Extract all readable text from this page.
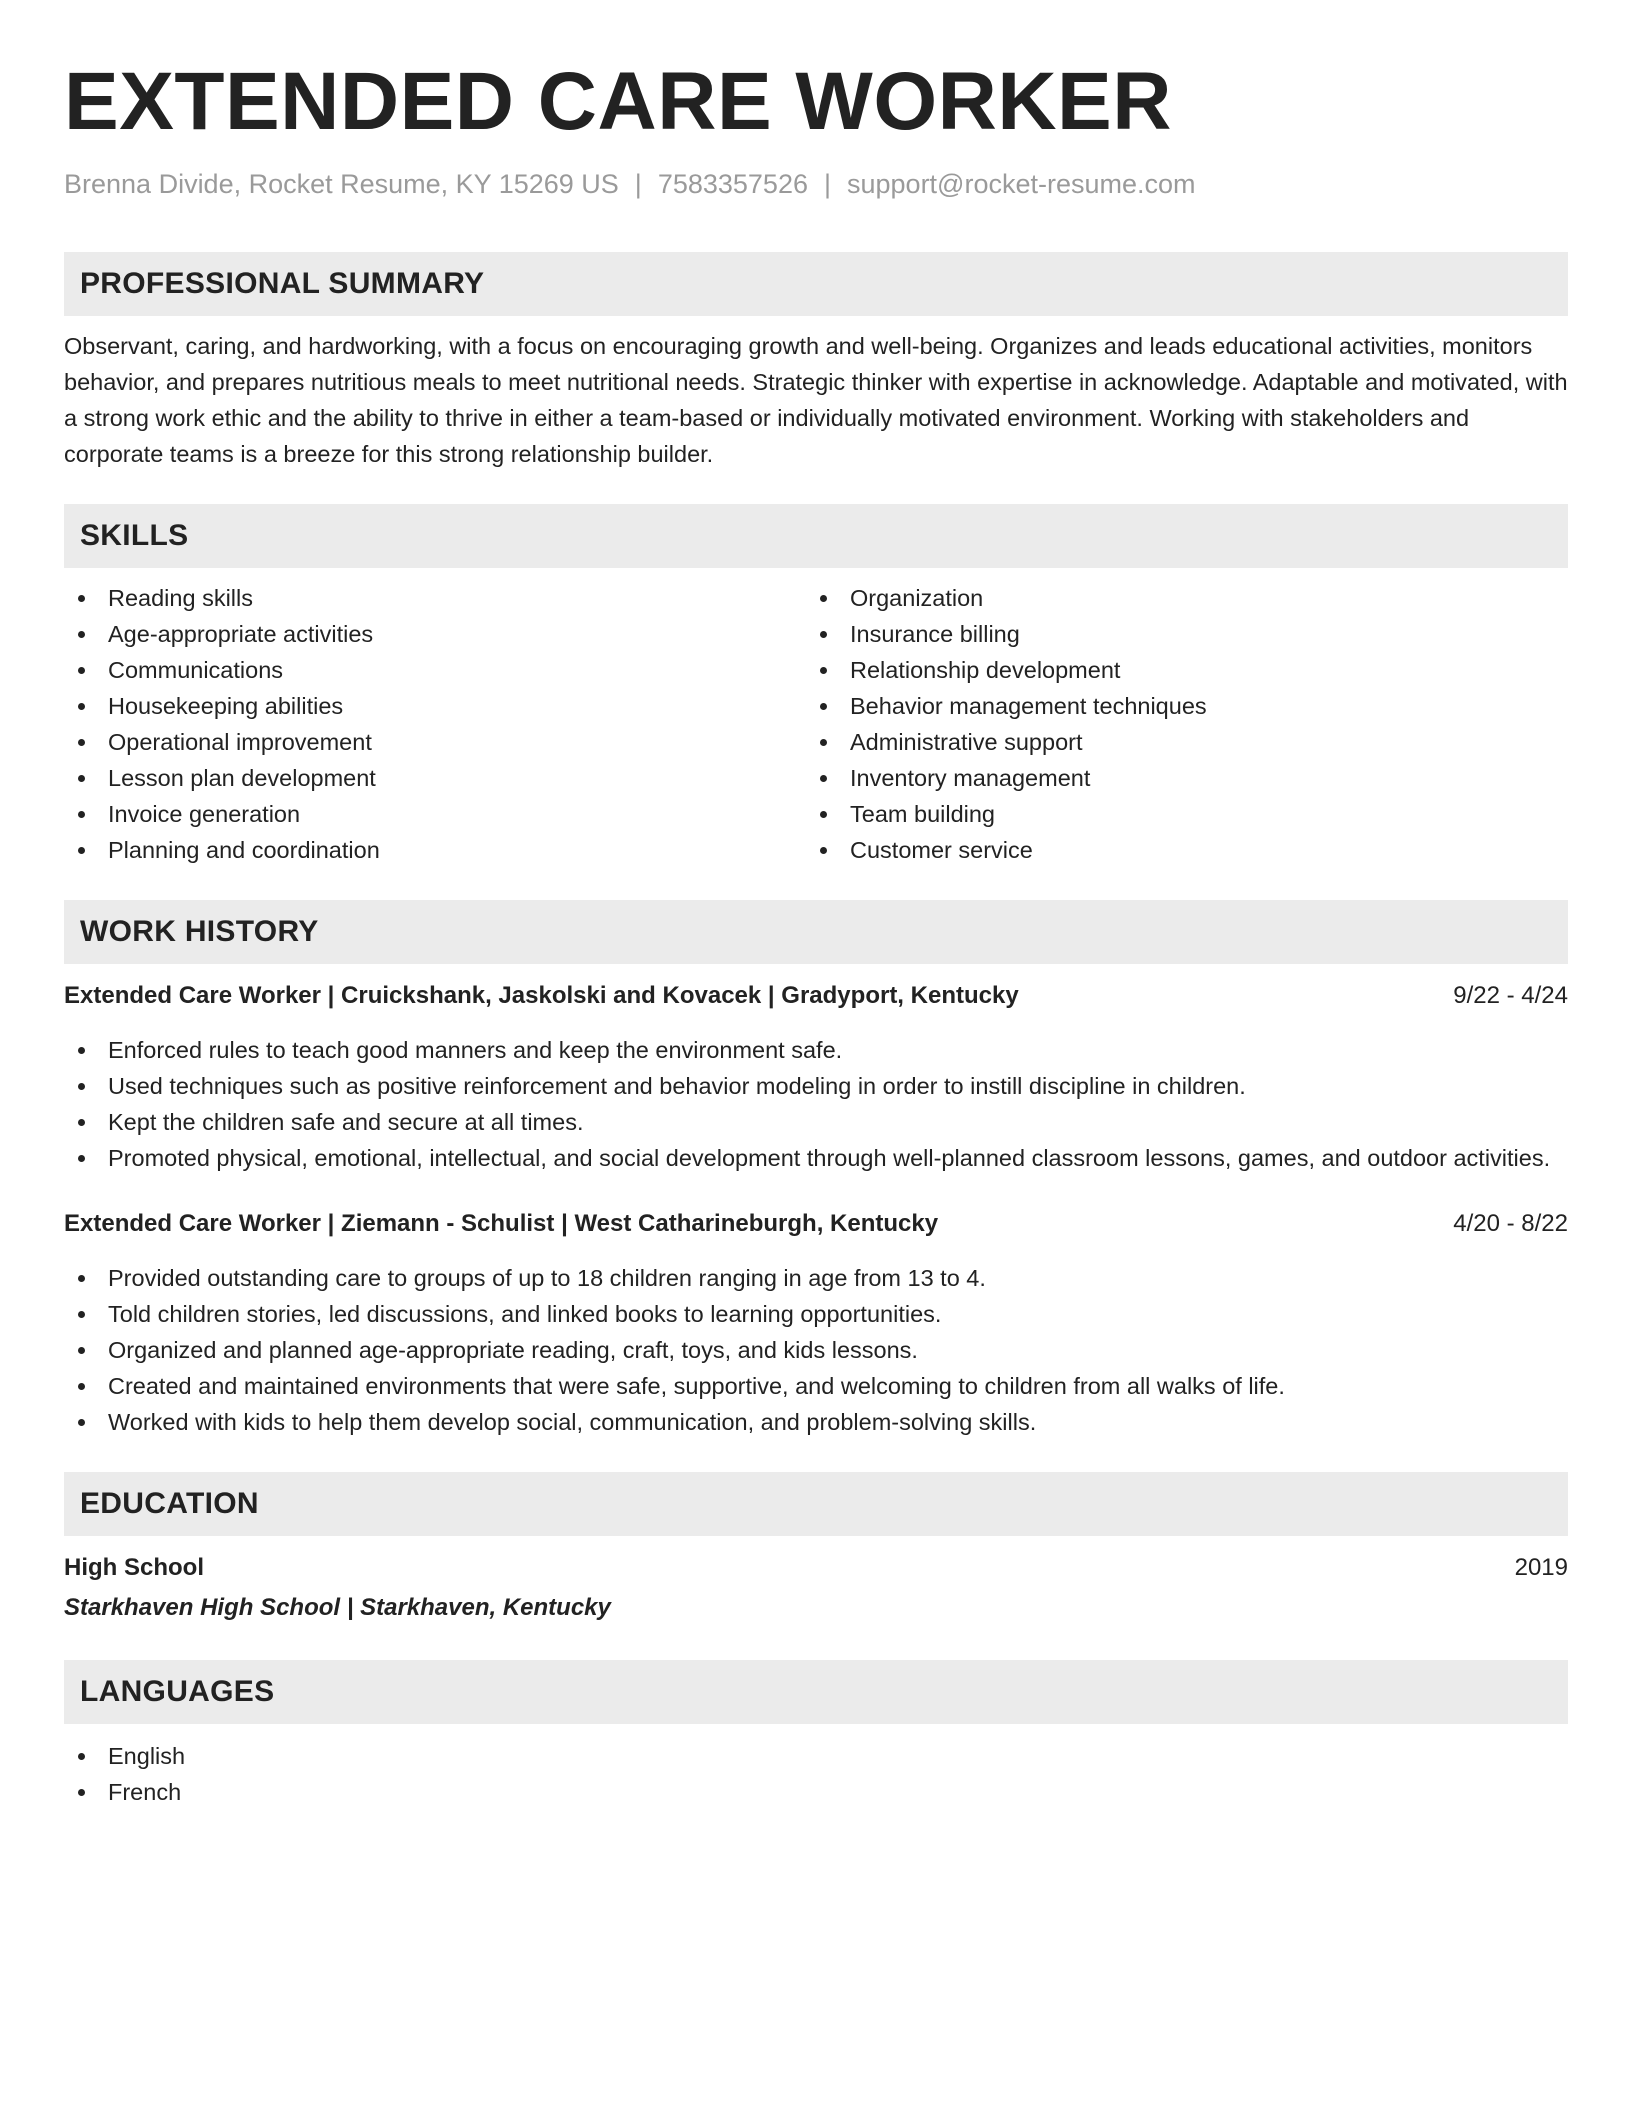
EXTENDED CARE WORKER
Brenna Divide, Rocket Resume, KY 15269 US | 7583357526 | support@rocket-resume.com
PROFESSIONAL SUMMARY

Observant, caring, and hardworking, with a focus on encouraging growth and well-being. Organizes and leads educational activities, monitors behavior, and prepares nutritious meals to meet nutritional needs. Strategic thinker with expertise in acknowledge. Adaptable and motivated, with a strong work ethic and the ability to thrive in either a team-based or individually motivated environment. Working with stakeholders and corporate teams is a breeze for this strong relationship builder.

SKILLS
Reading skills
Age-appropriate activities
Communications
Housekeeping abilities
Operational improvement
Lesson plan development
Invoice generation
Planning and coordination
Organization
Insurance billing
Relationship development
Behavior management techniques
Administrative support
Inventory management
Team building
Customer service
WORK HISTORY
Extended Care Worker | Cruickshank, Jaskolski and Kovacek | Gradyport, Kentucky	9/22 - 4/24
Enforced rules to teach good manners and keep the environment safe.
Used techniques such as positive reinforcement and behavior modeling in order to instill discipline in children.
Kept the children safe and secure at all times.
Promoted physical, emotional, intellectual, and social development through well-planned classroom lessons, games, and outdoor activities.
Extended Care Worker | Ziemann - Schulist | West Catharineburgh, Kentucky	4/20 - 8/22
Provided outstanding care to groups of up to 18 children ranging in age from 13 to 4.
Told children stories, led discussions, and linked books to learning opportunities.
Organized and planned age-appropriate reading, craft, toys, and kids lessons.
Created and maintained environments that were safe, supportive, and welcoming to children from all walks of life.
Worked with kids to help them develop social, communication, and problem-solving skills.
EDUCATION
High School	2019
Starkhaven High School | Starkhaven, Kentucky
LANGUAGES
English
French
